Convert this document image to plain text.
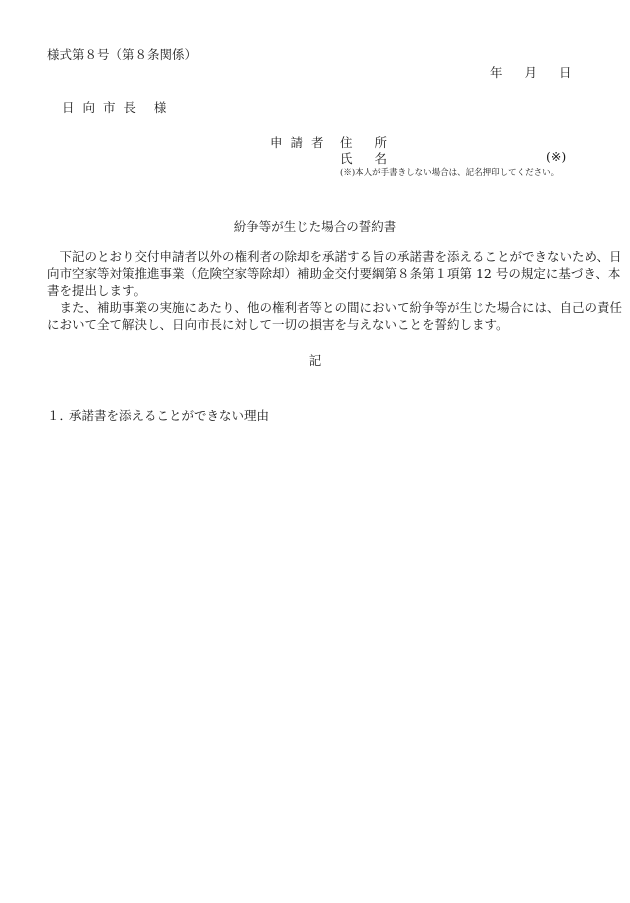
様式第８号（第８条関係）
年 月 日
日 向 市 長 様
申 請 者 住 所
氏 名	(※)
(※)本人が手書きしない場合は、記名押印してください。
紛争等が生じた場合の誓約書
　下記のとおり交付申請者以外の権利者の除却を承諾する旨の承諾書を添えることができないため、日
向市空家等対策推進事業（危険空家等除却）補助金交付要綱第８条第１項第 12 号の規定に基づき、本
書を提出します。
　また、補助事業の実施にあたり、他の権利者等との間において紛争等が生じた場合には、自己の責任
において全て解決し、日向市長に対して一切の損害を与えないことを誓約します。
記
１．承諾書を添えることができない理由
